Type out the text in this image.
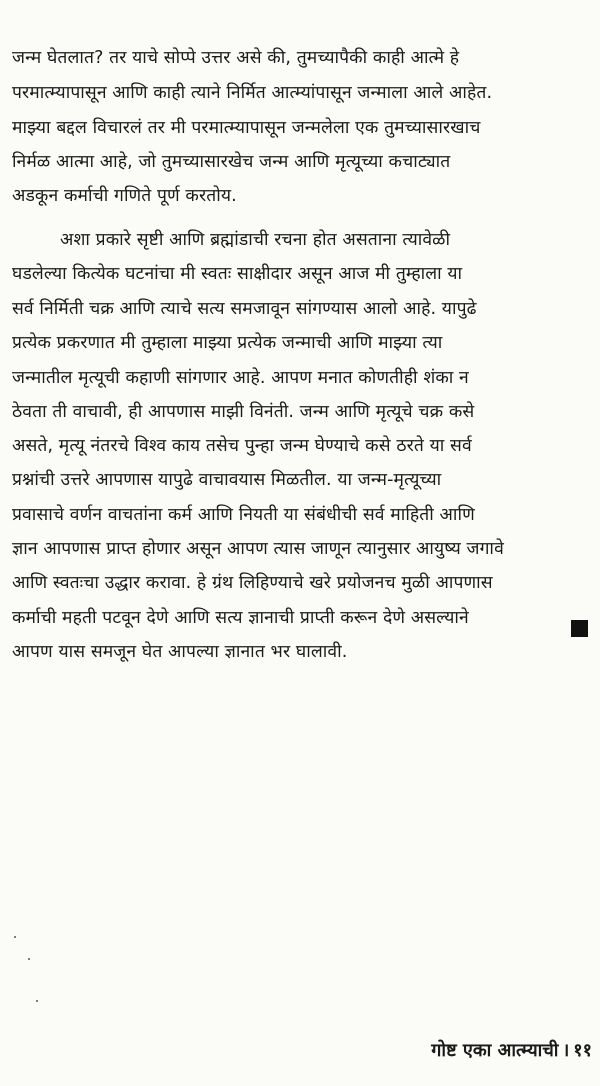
जन्म घेतलात? तर याचे सोप्पे उत्तर असे की, तुमच्यापैकी काही आत्मे हे
परमात्म्यापासून आणि काही त्याने निर्मित आत्म्यांपासून जन्माला आले आहेत.
माझ्या बद्दल विचारलं तर मी परमात्म्यापासून जन्मलेला एक तुमच्यासारखाच
निर्मळ आत्मा आहे, जो तुमच्यासारखेच जन्म आणि मृत्यूच्या कचाट्यात
अडकून कर्माची गणिते पूर्ण करतोय.
अशा प्रकारे सृष्टी आणि ब्रह्मांडाची रचना होत असताना त्यावेळी
घडलेल्या कित्येक घटनांचा मी स्वतः साक्षीदार असून आज मी तुम्हाला या
सर्व निर्मिती चक्र आणि त्याचे सत्य समजावून सांगण्यास आलो आहे. यापुढे
प्रत्येक प्रकरणात मी तुम्हाला माझ्या प्रत्येक जन्माची आणि माझ्या त्या
जन्मातील मृत्यूची कहाणी सांगणार आहे. आपण मनात कोणतीही शंका न
ठेवता ती वाचावी, ही आपणास माझी विनंती. जन्म आणि मृत्यूचे चक्र कसे
असते, मृत्यू नंतरचे विश्व काय तसेच पुन्हा जन्म घेण्याचे कसे ठरते या सर्व
प्रश्नांची उत्तरे आपणास यापुढे वाचावयास मिळतील. या जन्म-मृत्यूच्या
प्रवासाचे वर्णन वाचतांना कर्म आणि नियती या संबंधीची सर्व माहिती आणि
ज्ञान आपणास प्राप्त होणार असून आपण त्यास जाणून त्यानुसार आयुष्य जगावे
आणि स्वतःचा उद्धार करावा. हे ग्रंथ लिहिण्याचे खरे प्रयोजनच मुळी आपणास
कर्माची महती पटवून देणे आणि सत्य ज्ञानाची प्राप्ती करून देणे असल्याने
आपण यास समजून घेत आपल्या ज्ञानात भर घालावी.
गोष्ट एका आत्म्याची । ११
